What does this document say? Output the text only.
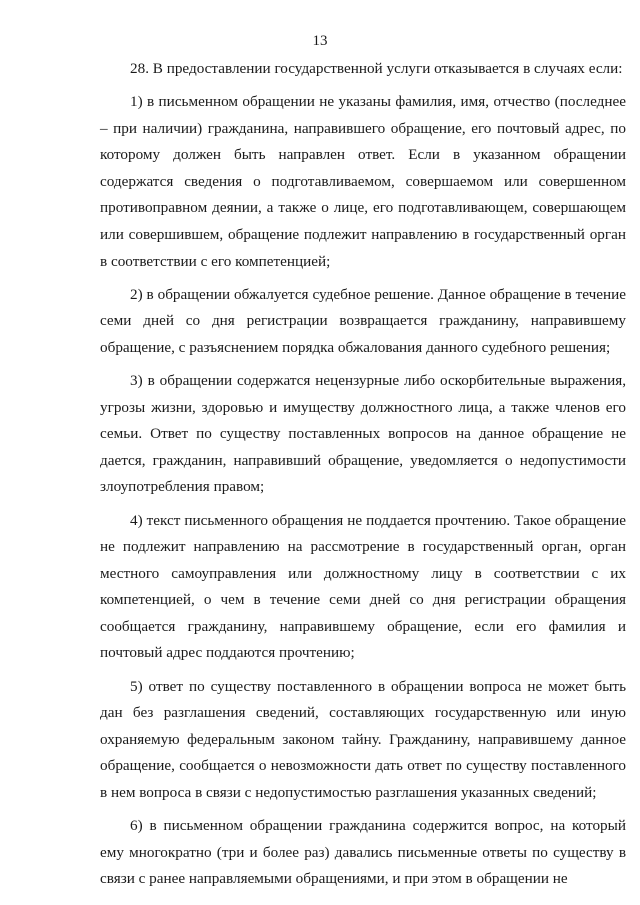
13

28. В предоставлении государственной услуги отказывается в случаях если:

1) в письменном обращении не указаны фамилия, имя, отчество (последнее – при наличии) гражданина, направившего обращение, его почтовый адрес, по которому должен быть направлен ответ. Если в указанном обращении содержатся сведения о подготавливаемом, совершаемом или совершенном противоправном деянии, а также о лице, его подготавливающем, совершающем или совершившем, обращение подлежит направлению в государственный орган в соответствии с его компетенцией;

2) в обращении обжалуется судебное решение. Данное обращение в течение семи дней со дня регистрации возвращается гражданину, направившему обращение, с разъяснением порядка обжалования данного судебного решения;

3) в обращении содержатся нецензурные либо оскорбительные выражения, угрозы жизни, здоровью и имуществу должностного лица, а также членов его семьи. Ответ по существу поставленных вопросов на данное обращение не дается, гражданин, направивший обращение, уведомляется о недопустимости злоупотребления правом;

4) текст письменного обращения не поддается прочтению. Такое обращение не подлежит направлению на рассмотрение в государственный орган, орган местного самоуправления или должностному лицу в соответствии с их компетенцией, о чем в течение семи дней со дня регистрации обращения сообщается гражданину, направившему обращение, если его фамилия и почтовый адрес поддаются прочтению;

5) ответ по существу поставленного в обращении вопроса не может быть дан без разглашения сведений, составляющих государственную или иную охраняемую федеральным законом тайну. Гражданину, направившему данное обращение, сообщается о невозможности дать ответ по существу поставленного в нем вопроса в связи с недопустимостью разглашения указанных сведений;

6) в письменном обращении гражданина содержится вопрос, на который ему многократно (три и более раз) давались письменные ответы по существу в связи с ранее направляемыми обращениями, и при этом в обращении не
